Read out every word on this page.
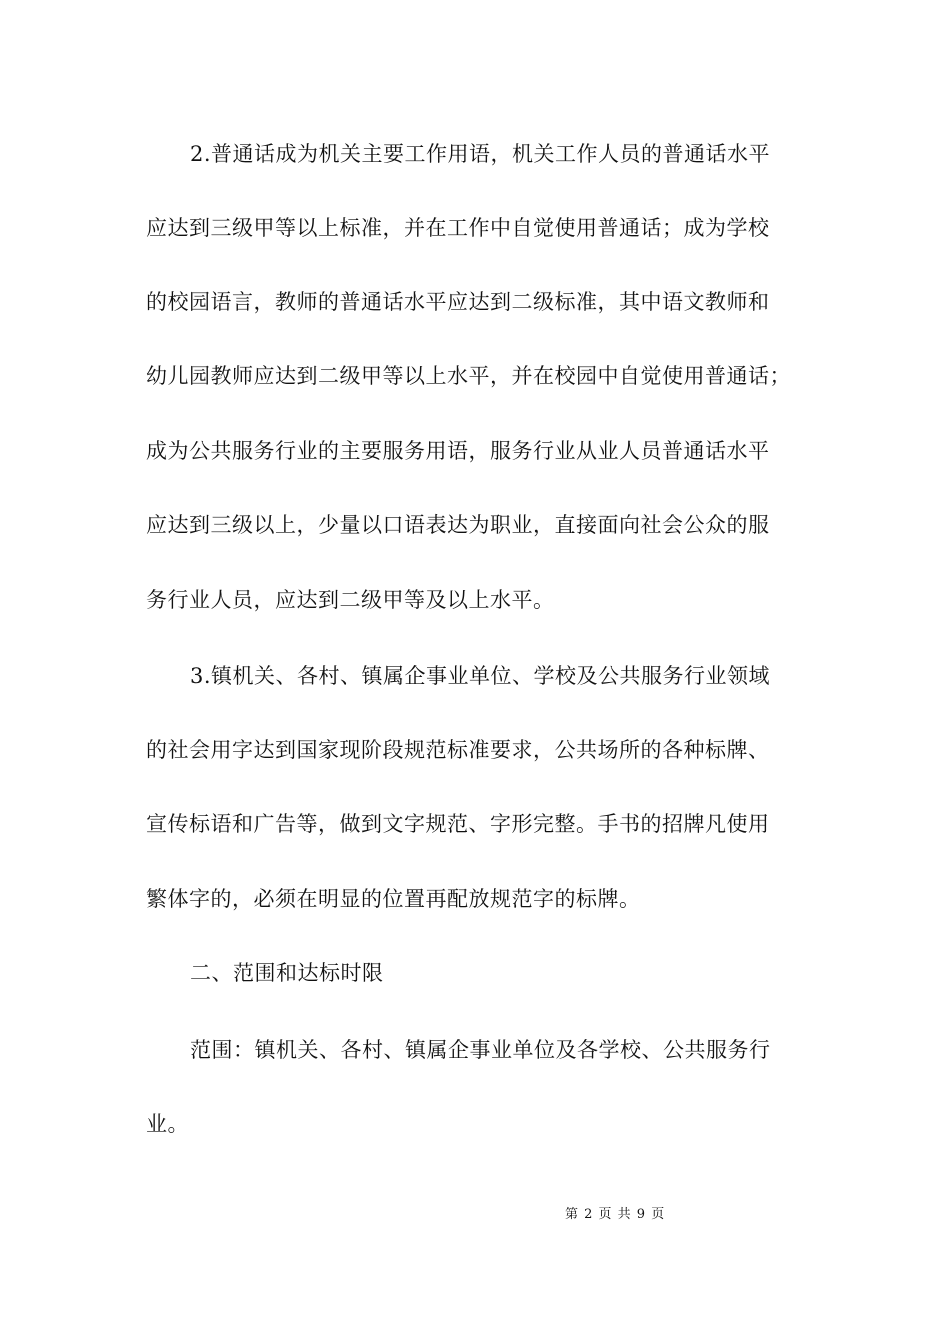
2.普通话成为机关主要工作用语，机关工作人员的普通话水平
应达到三级甲等以上标准，并在工作中自觉使用普通话；成为学校
的校园语言，教师的普通话水平应达到二级标准，其中语文教师和
幼儿园教师应达到二级甲等以上水平，并在校园中自觉使用普通话；
成为公共服务行业的主要服务用语，服务行业从业人员普通话水平
应达到三级以上，少量以口语表达为职业，直接面向社会公众的服
务行业人员，应达到二级甲等及以上水平。
3.镇机关、各村、镇属企事业单位、学校及公共服务行业领域
的社会用字达到国家现阶段规范标准要求，公共场所的各种标牌、
宣传标语和广告等，做到文字规范、字形完整。手书的招牌凡使用
繁体字的，必须在明显的位置再配放规范字的标牌。
二、范围和达标时限
范围：镇机关、各村、镇属企事业单位及各学校、公共服务行
业。
第 2 页 共 9 页
